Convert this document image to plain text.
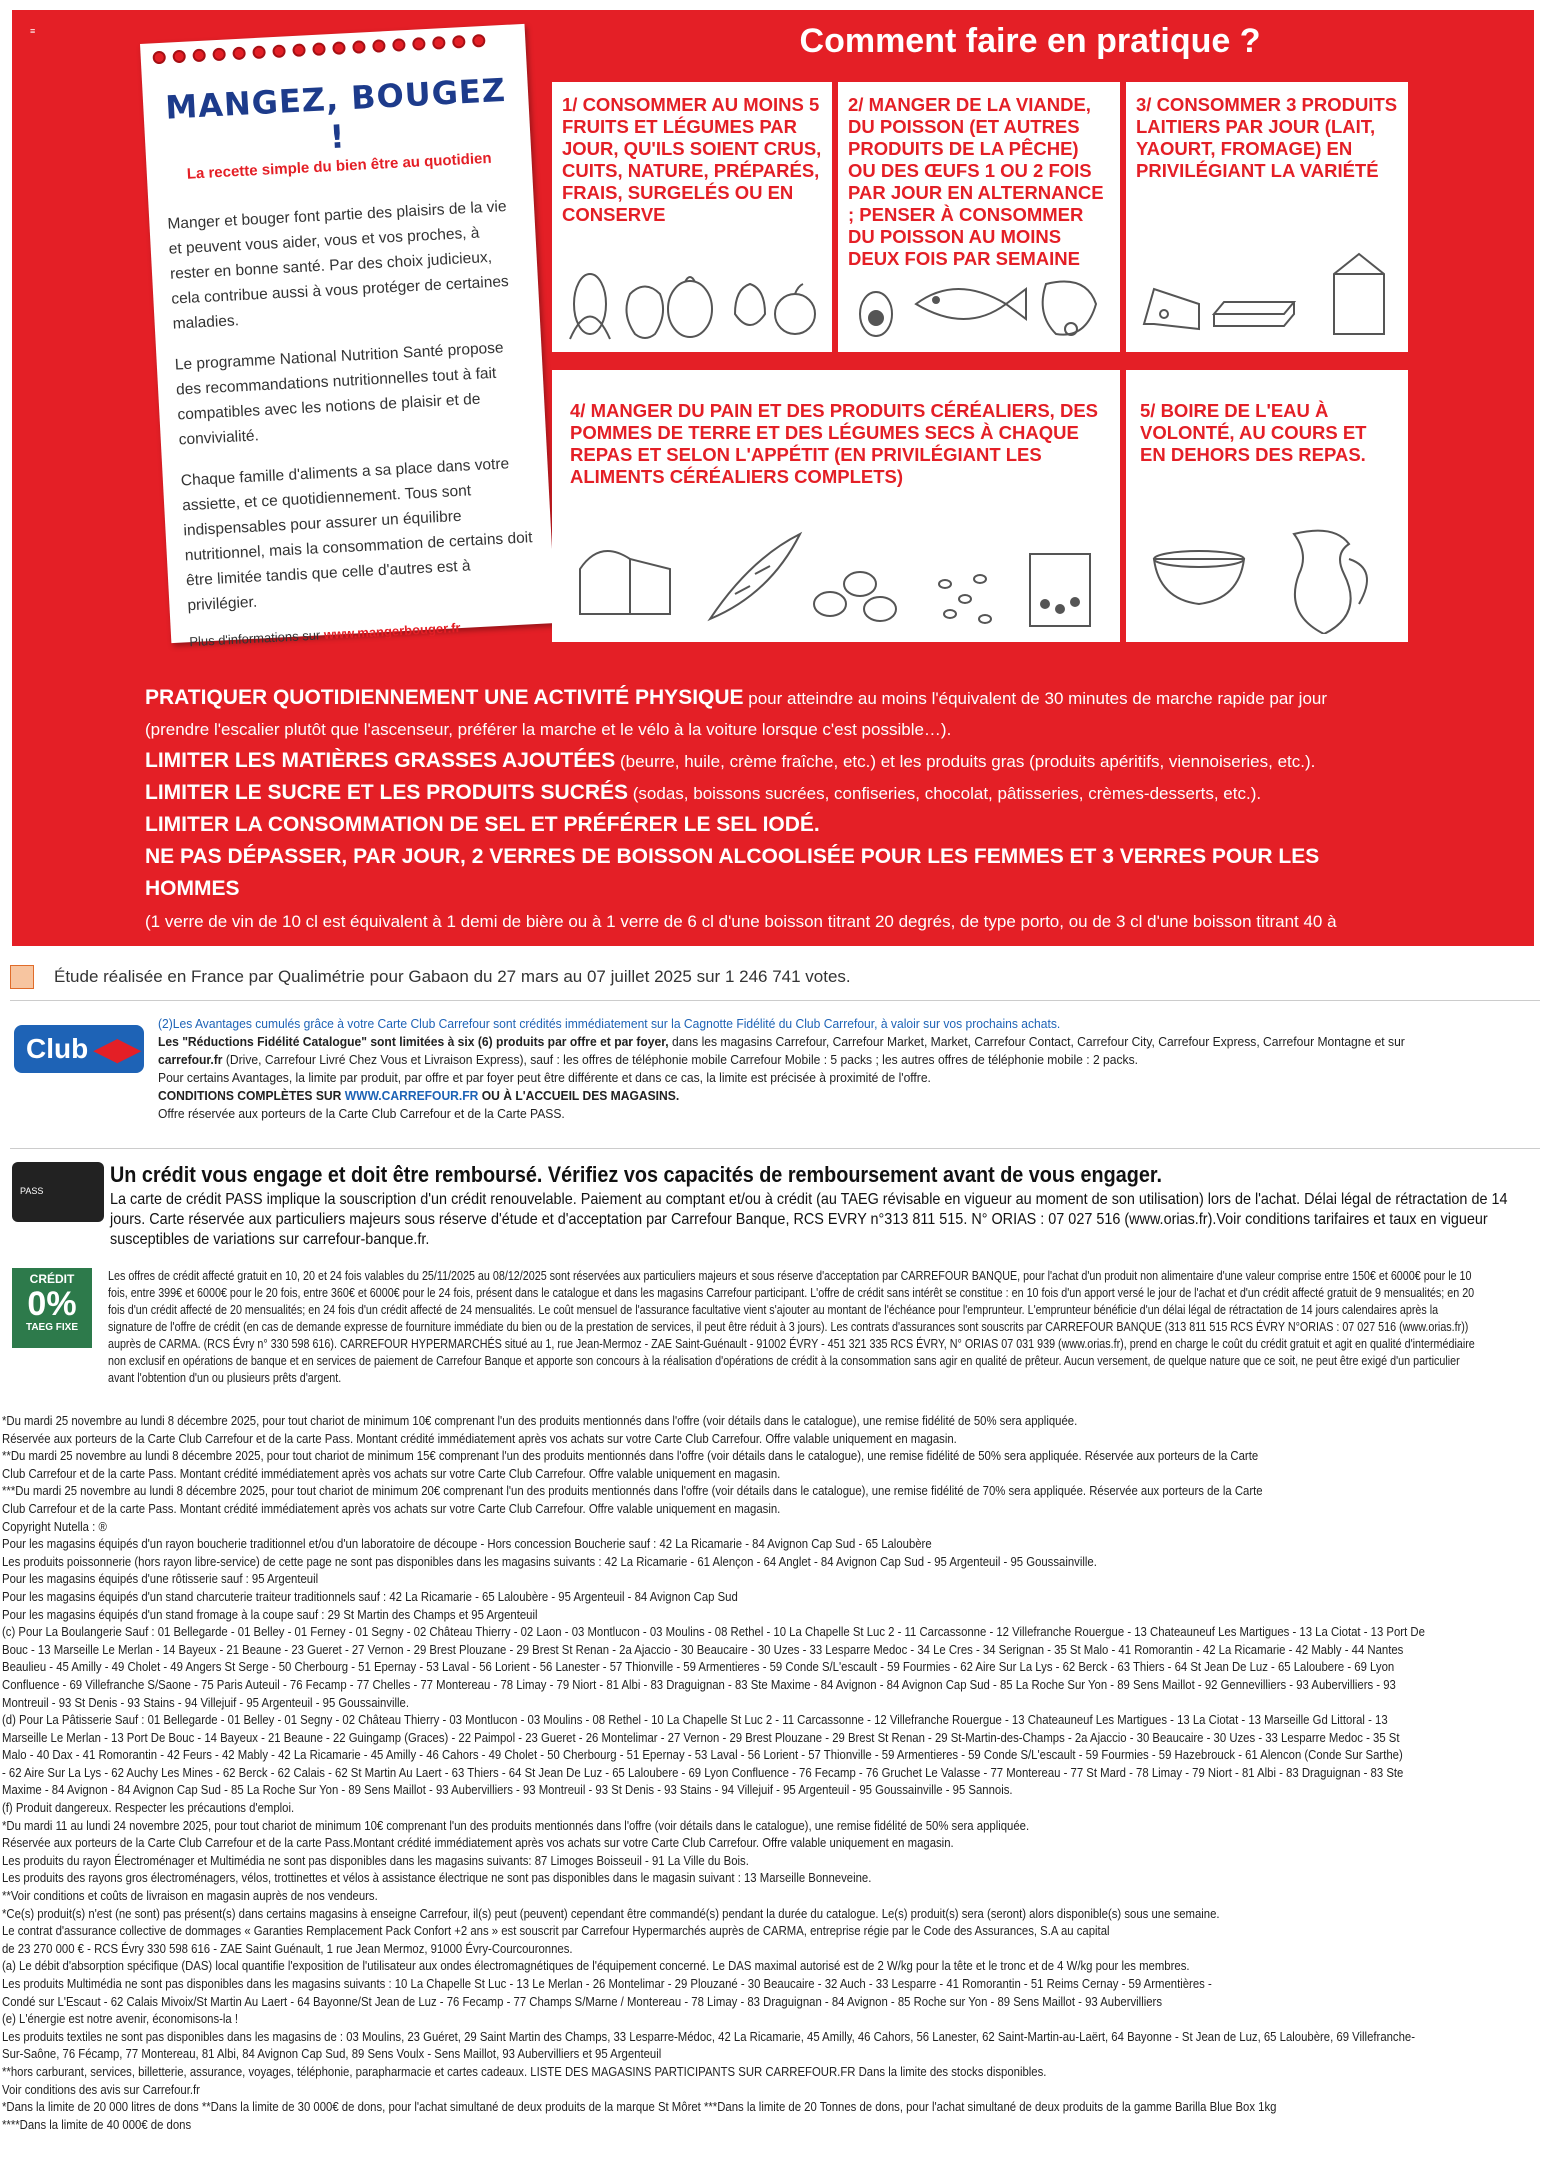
≡
MANGEZ, BOUGEZ !
La recette simple du bien être au quotidien

Manger et bouger font partie des plaisirs de la vie et peuvent vous aider, vous et vos proches, à rester en bonne santé. Par des choix judicieux, cela contribue aussi à vous protéger de certaines maladies.

Le programme National Nutrition Santé propose des recommandations nutritionnelles tout à fait compatibles avec les notions de plaisir et de convivialité.

Chaque famille d'aliments a sa place dans votre assiette, et ce quotidiennement. Tous sont indispensables pour assurer un équilibre nutritionnel, mais la consommation de certains doit être limitée tandis que celle d'autres est à privilégier.

Plus d'informations sur www.mangerbouger.fr
Comment faire en pratique ?
1/ CONSOMMER AU MOINS 5 FRUITS ET LÉGUMES PAR JOUR, QU'ILS SOIENT CRUS, CUITS, NATURE, PRÉPARÉS, FRAIS, SURGELÉS OU EN CONSERVE
2/ MANGER DE LA VIANDE, DU POISSON (ET AUTRES PRODUITS DE LA PÊCHE) OU DES ŒUFS 1 OU 2 FOIS PAR JOUR EN ALTERNANCE ; PENSER À CONSOMMER DU POISSON AU MOINS DEUX FOIS PAR SEMAINE
3/ CONSOMMER 3 PRODUITS LAITIERS PAR JOUR (LAIT, YAOURT, FROMAGE) EN PRIVILÉGIANT LA VARIÉTÉ
4/ MANGER DU PAIN ET DES PRODUITS CÉRÉALIERS, DES POMMES DE TERRE ET DES LÉGUMES SECS À CHAQUE REPAS ET SELON L'APPÉTIT (EN PRIVILÉGIANT LES ALIMENTS CÉRÉALIERS COMPLETS)
5/ BOIRE DE L'EAU À VOLONTÉ, AU COURS ET EN DEHORS DES REPAS.

PRATIQUER QUOTIDIENNEMENT UNE ACTIVITÉ PHYSIQUE pour atteindre au moins l'équivalent de 30 minutes de marche rapide par jour (prendre l'escalier plutôt que l'ascenseur, préférer la marche et le vélo à la voiture lorsque c'est possible…).

LIMITER LES MATIÈRES GRASSES AJOUTÉES (beurre, huile, crème fraîche, etc.) et les produits gras (produits apéritifs, viennoiseries, etc.).

LIMITER LE SUCRE ET LES PRODUITS SUCRÉS (sodas, boissons sucrées, confiseries, chocolat, pâtisseries, crèmes-desserts, etc.).

LIMITER LA CONSOMMATION DE SEL ET PRÉFÉRER LE SEL IODÉ.

NE PAS DÉPASSER, PAR JOUR, 2 VERRES DE BOISSON ALCOOLISÉE POUR LES FEMMES ET 3 VERRES POUR LES HOMMES

(1 verre de vin de 10 cl est équivalent à 1 demi de bière ou à 1 verre de 6 cl d'une boisson titrant 20 degrés, de type porto, ou de 3 cl d'une boisson titrant 40 à 45 degrés d'alcool, de type whisky ou pastis).

Étude réalisée en France par Qualimétrie pour Gabaon du 27 mars au 07 juillet 2025 sur 1 246 741 votes.
Club ◀▶
(2)Les Avantages cumulés grâce à votre Carte Club Carrefour sont crédités immédiatement sur la Cagnotte Fidélité du Club Carrefour, à valoir sur vos prochains achats.
Les "Réductions Fidélité Catalogue" sont limitées à six (6) produits par offre et par foyer, dans les magasins Carrefour, Carrefour Market, Market, Carrefour Contact, Carrefour City, Carrefour Express, Carrefour Montagne et sur
carrefour.fr (Drive, Carrefour Livré Chez Vous et Livraison Express), sauf : les offres de téléphonie mobile Carrefour Mobile : 5 packs ; les autres offres de téléphonie mobile : 2 packs.
Pour certains Avantages, la limite par produit, par offre et par foyer peut être différente et dans ce cas, la limite est précisée à proximité de l'offre.
CONDITIONS COMPLÈTES SUR WWW.CARREFOUR.FR OU À L'ACCUEIL DES MAGASINS.
Offre réservée aux porteurs de la Carte Club Carrefour et de la Carte PASS.
PASS
Un crédit vous engage et doit être remboursé. Vérifiez vos capacités de remboursement avant de vous engager.
La carte de crédit PASS implique la souscription d'un crédit renouvelable. Paiement au comptant et/ou à crédit (au TAEG révisable en vigueur au moment de son utilisation) lors de l'achat. Délai légal de rétractation de 14 jours. Carte réservée aux particuliers majeurs sous réserve d'étude et d'acceptation par Carrefour Banque, RCS EVRY n°313 811 515. N° ORIAS : 07 027 516 (www.orias.fr).Voir conditions tarifaires et taux en vigueur susceptibles de variations sur carrefour-banque.fr.
CRÉDIT
0%
TAEG FIXE
Les offres de crédit affecté gratuit en 10, 20 et 24 fois valables du 25/11/2025 au 08/12/2025 sont réservées aux particuliers majeurs et sous réserve d'acceptation par CARREFOUR BANQUE, pour l'achat d'un produit non alimentaire d'une valeur comprise entre 150€ et 6000€ pour le 10 fois, entre 399€ et 6000€ pour le 20 fois, entre 360€ et 6000€ pour le 24 fois, présent dans le catalogue et dans les magasins Carrefour participant. L'offre de crédit sans intérêt se constitue : en 10 fois d'un apport versé le jour de l'achat et d'un crédit affecté gratuit de 9 mensualités; en 20 fois d'un crédit affecté de 20 mensualités; en 24 fois d'un crédit affecté de 24 mensualités. Le coût mensuel de l'assurance facultative vient s'ajouter au montant de l'échéance pour l'emprunteur. L'emprunteur bénéficie d'un délai légal de rétractation de 14 jours calendaires après la signature de l'offre de crédit (en cas de demande expresse de fourniture immédiate du bien ou de la prestation de services, il peut être réduit à 3 jours). Les contrats d'assurances sont souscrits par CARREFOUR BANQUE (313 811 515 RCS ÉVRY N°ORIAS : 07 027 516 (www.orias.fr)) auprès de CARMA. (RCS Évry n° 330 598 616). CARREFOUR HYPERMARCHÉS situé au 1, rue Jean-Mermoz - ZAE Saint-Guénault - 91002 ÉVRY - 451 321 335 RCS ÉVRY, N° ORIAS 07 031 939 (www.orias.fr), prend en charge le coût du crédit gratuit et agit en qualité d'intermédiaire non exclusif en opérations de banque et en services de paiement de Carrefour Banque et apporte son concours à la réalisation d'opérations de crédit à la consommation sans agir en qualité de prêteur. Aucun versement, de quelque nature que ce soit, ne peut être exigé d'un particulier avant l'obtention d'un ou plusieurs prêts d'argent.

*Du mardi 25 novembre au lundi 8 décembre 2025, pour tout chariot de minimum 10€ comprenant l'un des produits mentionnés dans l'offre (voir détails dans le catalogue), une remise fidélité de 50% sera appliquée.

Réservée aux porteurs de la Carte Club Carrefour et de la carte Pass. Montant crédité immédiatement après vos achats sur votre Carte Club Carrefour. Offre valable uniquement en magasin.

**Du mardi 25 novembre au lundi 8 décembre 2025, pour tout chariot de minimum 15€ comprenant l'un des produits mentionnés dans l'offre (voir détails dans le catalogue), une remise fidélité de 50% sera appliquée. Réservée aux porteurs de la Carte

Club Carrefour et de la carte Pass. Montant crédité immédiatement après vos achats sur votre Carte Club Carrefour. Offre valable uniquement en magasin.

***Du mardi 25 novembre au lundi 8 décembre 2025, pour tout chariot de minimum 20€ comprenant l'un des produits mentionnés dans l'offre (voir détails dans le catalogue), une remise fidélité de 70% sera appliquée. Réservée aux porteurs de la Carte

Club Carrefour et de la carte Pass. Montant crédité immédiatement après vos achats sur votre Carte Club Carrefour. Offre valable uniquement en magasin.

Copyright Nutella : ®

Pour les magasins équipés d'un rayon boucherie traditionnel et/ou d'un laboratoire de découpe - Hors concession Boucherie sauf : 42 La Ricamarie - 84 Avignon Cap Sud - 65 Laloubère

Les produits poissonnerie (hors rayon libre-service) de cette page ne sont pas disponibles dans les magasins suivants : 42 La Ricamarie - 61 Alençon - 64 Anglet - 84 Avignon Cap Sud - 95 Argenteuil - 95 Goussainville.

Pour les magasins équipés d'une rôtisserie sauf : 95 Argenteuil

Pour les magasins équipés d'un stand charcuterie traiteur traditionnels sauf : 42 La Ricamarie - 65 Laloubère - 95 Argenteuil - 84 Avignon Cap Sud

Pour les magasins équipés d'un stand fromage à la coupe sauf : 29 St Martin des Champs et 95 Argenteuil

(c) Pour La Boulangerie Sauf : 01 Bellegarde - 01 Belley - 01 Ferney - 01 Segny - 02 Château Thierry - 02 Laon - 03 Montlucon - 03 Moulins - 08 Rethel - 10 La Chapelle St Luc 2 - 11 Carcassonne - 12 Villefranche Rouergue - 13 Chateauneuf Les Martigues - 13 La Ciotat - 13 Port De

Bouc - 13 Marseille Le Merlan - 14 Bayeux - 21 Beaune - 23 Gueret - 27 Vernon - 29 Brest Plouzane - 29 Brest St Renan - 2a Ajaccio - 30 Beaucaire - 30 Uzes - 33 Lesparre Medoc - 34 Le Cres - 34 Serignan - 35 St Malo - 41 Romorantin - 42 La Ricamarie - 42 Mably - 44 Nantes

Beaulieu - 45 Amilly - 49 Cholet - 49 Angers St Serge - 50 Cherbourg - 51 Epernay - 53 Laval - 56 Lorient - 56 Lanester - 57 Thionville - 59 Armentieres - 59 Conde S/L'escault - 59 Fourmies - 62 Aire Sur La Lys - 62 Berck - 63 Thiers - 64 St Jean De Luz - 65 Laloubere - 69 Lyon

Confluence - 69 Villefranche S/Saone - 75 Paris Auteuil - 76 Fecamp - 77 Chelles - 77 Montereau - 78 Limay - 79 Niort - 81 Albi - 83 Draguignan - 83 Ste Maxime - 84 Avignon - 84 Avignon Cap Sud - 85 La Roche Sur Yon - 89 Sens Maillot - 92 Gennevilliers - 93 Aubervilliers - 93

Montreuil - 93 St Denis - 93 Stains - 94 Villejuif - 95 Argenteuil - 95 Goussainville.

(d) Pour La Pâtisserie Sauf : 01 Bellegarde - 01 Belley - 01 Segny - 02 Château Thierry - 03 Montlucon - 03 Moulins - 08 Rethel - 10 La Chapelle St Luc 2 - 11 Carcassonne - 12 Villefranche Rouergue - 13 Chateauneuf Les Martigues - 13 La Ciotat - 13 Marseille Gd Littoral - 13

Marseille Le Merlan - 13 Port De Bouc - 14 Bayeux - 21 Beaune - 22 Guingamp (Graces) - 22 Paimpol - 23 Gueret - 26 Montelimar - 27 Vernon - 29 Brest Plouzane - 29 Brest St Renan - 29 St-Martin-des-Champs - 2a Ajaccio - 30 Beaucaire - 30 Uzes - 33 Lesparre Medoc - 35 St

Malo - 40 Dax - 41 Romorantin - 42 Feurs - 42 Mably - 42 La Ricamarie - 45 Amilly - 46 Cahors - 49 Cholet - 50 Cherbourg - 51 Epernay - 53 Laval - 56 Lorient - 57 Thionville - 59 Armentieres - 59 Conde S/L'escault - 59 Fourmies - 59 Hazebrouck - 61 Alencon (Conde Sur Sarthe)

- 62 Aire Sur La Lys - 62 Auchy Les Mines - 62 Berck - 62 Calais - 62 St Martin Au Laert - 63 Thiers - 64 St Jean De Luz - 65 Laloubere - 69 Lyon Confluence - 76 Fecamp - 76 Gruchet Le Valasse - 77 Montereau - 77 St Mard - 78 Limay - 79 Niort - 81 Albi - 83 Draguignan - 83 Ste

Maxime - 84 Avignon - 84 Avignon Cap Sud - 85 La Roche Sur Yon - 89 Sens Maillot - 93 Aubervilliers - 93 Montreuil - 93 St Denis - 93 Stains - 94 Villejuif - 95 Argenteuil - 95 Goussainville - 95 Sannois.

(f) Produit dangereux. Respecter les précautions d'emploi.

*Du mardi 11 au lundi 24 novembre 2025, pour tout chariot de minimum 10€ comprenant l'un des produits mentionnés dans l'offre (voir détails dans le catalogue), une remise fidélité de 50% sera appliquée.

Réservée aux porteurs de la Carte Club Carrefour et de la carte Pass.Montant crédité immédiatement après vos achats sur votre Carte Club Carrefour. Offre valable uniquement en magasin.

Les produits du rayon Électroménager et Multimédia ne sont pas disponibles dans les magasins suivants: 87 Limoges Boisseuil - 91 La Ville du Bois.

Les produits des rayons gros électroménagers, vélos, trottinettes et vélos à assistance électrique ne sont pas disponibles dans le magasin suivant : 13 Marseille Bonneveine.

**Voir conditions et coûts de livraison en magasin auprès de nos vendeurs.

*Ce(s) produit(s) n'est (ne sont) pas présent(s) dans certains magasins à enseigne Carrefour, il(s) peut (peuvent) cependant être commandé(s) pendant la durée du catalogue. Le(s) produit(s) sera (seront) alors disponible(s) sous une semaine.

Le contrat d'assurance collective de dommages « Garanties Remplacement Pack Confort +2 ans » est souscrit par Carrefour Hypermarchés auprès de CARMA, entreprise régie par le Code des Assurances, S.A au capital

de 23 270 000 € - RCS Évry 330 598 616 - ZAE Saint Guénault, 1 rue Jean Mermoz, 91000 Évry-Courcouronnes.

(a) Le débit d'absorption spécifique (DAS) local quantifie l'exposition de l'utilisateur aux ondes électromagnétiques de l'équipement concerné. Le DAS maximal autorisé est de 2 W/kg pour la tête et le tronc et de 4 W/kg pour les membres.

Les produits Multimédia ne sont pas disponibles dans les magasins suivants : 10 La Chapelle St Luc - 13 Le Merlan - 26 Montelimar - 29 Plouzané - 30 Beaucaire - 32 Auch - 33 Lesparre - 41 Romorantin - 51 Reims Cernay - 59 Armentières -

Condé sur L'Escaut - 62 Calais Mivoix/St Martin Au Laert - 64 Bayonne/St Jean de Luz - 76 Fecamp - 77 Champs S/Marne / Montereau - 78 Limay - 83 Draguignan - 84 Avignon - 85 Roche sur Yon - 89 Sens Maillot - 93 Aubervilliers

(e) L'énergie est notre avenir, économisons-la !

Les produits textiles ne sont pas disponibles dans les magasins de : 03 Moulins, 23 Guéret, 29 Saint Martin des Champs, 33 Lesparre-Médoc, 42 La Ricamarie, 45 Amilly, 46 Cahors, 56 Lanester, 62 Saint-Martin-au-Laërt, 64 Bayonne - St Jean de Luz, 65 Laloubère, 69 Villefranche-

Sur-Saône, 76 Fécamp, 77 Montereau, 81 Albi, 84 Avignon Cap Sud, 89 Sens Voulx - Sens Maillot, 93 Aubervilliers et 95 Argenteuil

**hors carburant, services, billetterie, assurance, voyages, téléphonie, parapharmacie et cartes cadeaux. LISTE DES MAGASINS PARTICIPANTS SUR CARREFOUR.FR Dans la limite des stocks disponibles.

Voir conditions des avis sur Carrefour.fr

*Dans la limite de 20 000 litres de dons **Dans la limite de 30 000€ de dons, pour l'achat simultané de deux produits de la marque St Môret ***Dans la limite de 20 Tonnes de dons, pour l'achat simultané de deux produits de la gamme Barilla Blue Box 1kg

****Dans la limite de 40 000€ de dons
